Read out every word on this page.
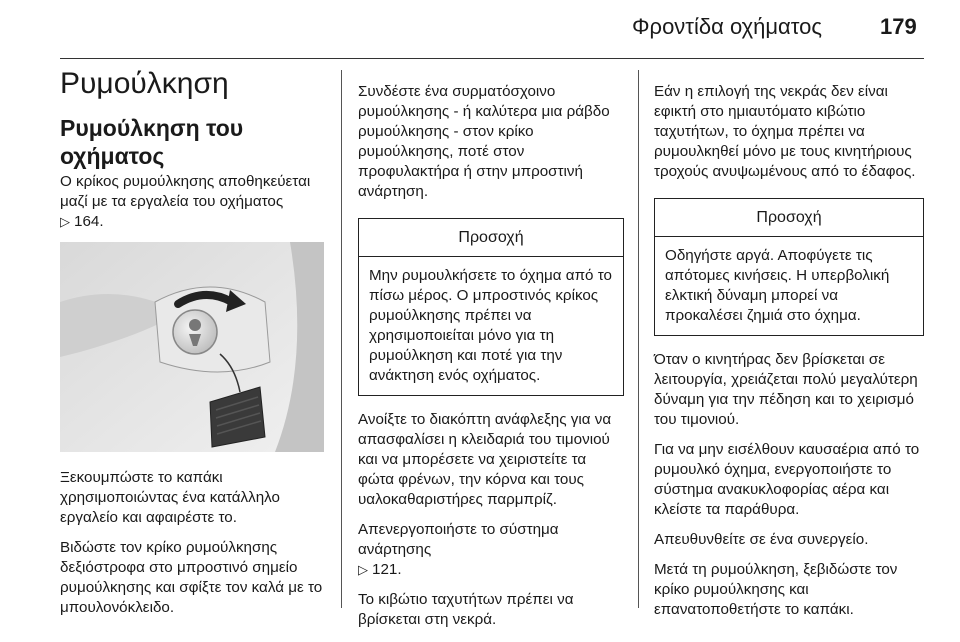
Φροντίδα οχήματος	179
Ρυμούλκηση
Ρυμούλκηση του οχήματος

Ο κρίκος ρυμούλκησης αποθηκεύεται μαζί με τα εργαλεία του οχήματος
▷ 164.

Ξεκουμπώστε το καπάκι χρησιμοποιώντας ένα κατάλληλο εργαλείο και αφαιρέστε το.

Βιδώστε τον κρίκο ρυμούλκησης δεξιόστροφα στο μπροστινό σημείο ρυμούλκησης και σφίξτε τον καλά με το μπουλονόκλειδο.

Συνδέστε ένα συρματόσχοινο ρυμούλκησης - ή καλύτερα μια ράβδο ρυμούλκησης - στον κρίκο ρυμούλκησης, ποτέ στον προφυλακτήρα ή στην μπροστινή ανάρτηση.

Προσοχή

Μην ρυμουλκήσετε το όχημα από το πίσω μέρος. Ο μπροστινός κρίκος ρυμούλκησης πρέπει να χρησιμοποιείται μόνο για τη ρυμούλκηση και ποτέ για την ανάκτηση ενός οχήματος.

Ανοίξτε το διακόπτη ανάφλεξης για να απασφαλίσει η κλειδαριά του τιμονιού και να μπορέσετε να χειριστείτε τα φώτα φρένων, την κόρνα και τους υαλοκαθαριστήρες παρμπρίζ.

Απενεργοποιήστε το σύστημα ανάρτησης
▷ 121.

Το κιβώτιο ταχυτήτων πρέπει να βρίσκεται στη νεκρά.

Εάν η επιλογή της νεκράς δεν είναι εφικτή στο ημιαυτόματο κιβώτιο ταχυτήτων, το όχημα πρέπει να ρυμουλκηθεί μόνο με τους κινητήριους τροχούς ανυψωμένους από το έδαφος.

Προσοχή

Οδηγήστε αργά. Αποφύγετε τις απότομες κινήσεις. Η υπερβολική ελκτική δύναμη μπορεί να προκαλέσει ζημιά στο όχημα.

Όταν ο κινητήρας δεν βρίσκεται σε λειτουργία, χρειάζεται πολύ μεγαλύτερη δύναμη για την πέδηση και το χειρισμό του τιμονιού.

Για να μην εισέλθουν καυσαέρια από το ρυμουλκό όχημα, ενεργοποιήστε το σύστημα ανακυκλοφορίας αέρα και κλείστε τα παράθυρα.

Απευθυνθείτε σε ένα συνεργείο.

Μετά τη ρυμούλκηση, ξεβιδώστε τον κρίκο ρυμούλκησης και επανατοποθετήστε το καπάκι.
